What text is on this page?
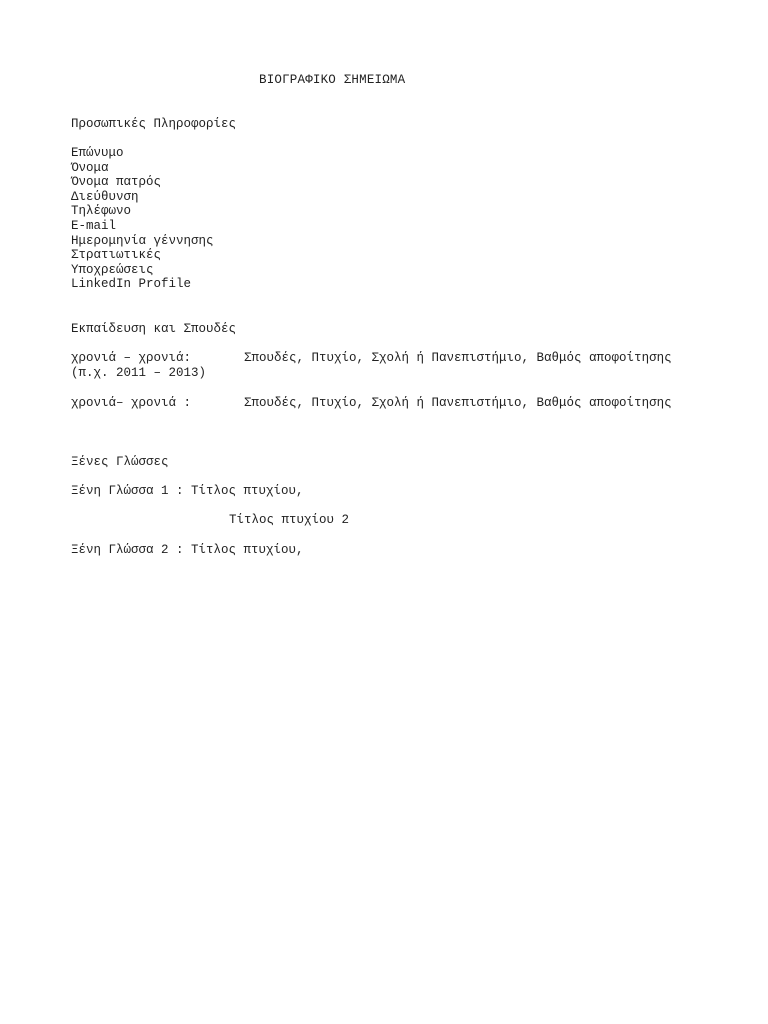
ΒΙΟΓΡΑΦΙΚΟ ΣΗΜΕΙΩΜΑ
Προσωπικές Πληροφορίες
Επώνυμο
Όνομα
Όνομα πατρός
Διεύθυνση
Τηλέφωνο
E-mail
Ημερομηνία γέννησης
Στρατιωτικές
Υποχρεώσεις
LinkedIn Profile
Εκπαίδευση και Σπουδές
χρονιά – χρονιά:
(π.χ. 2011 – 2013)
Σπουδές, Πτυχίο, Σχολή ή Πανεπιστήμιο, Βαθμός αποφοίτησης
χρονιά– χρονιά :	Σπουδές, Πτυχίο, Σχολή ή Πανεπιστήμιο, Βαθμός αποφοίτησης
Ξένες Γλώσσες
Ξένη Γλώσσα 1 : Τίτλος πτυχίου,
Τίτλος πτυχίου 2
Ξένη Γλώσσα 2 : Τίτλος πτυχίου,
